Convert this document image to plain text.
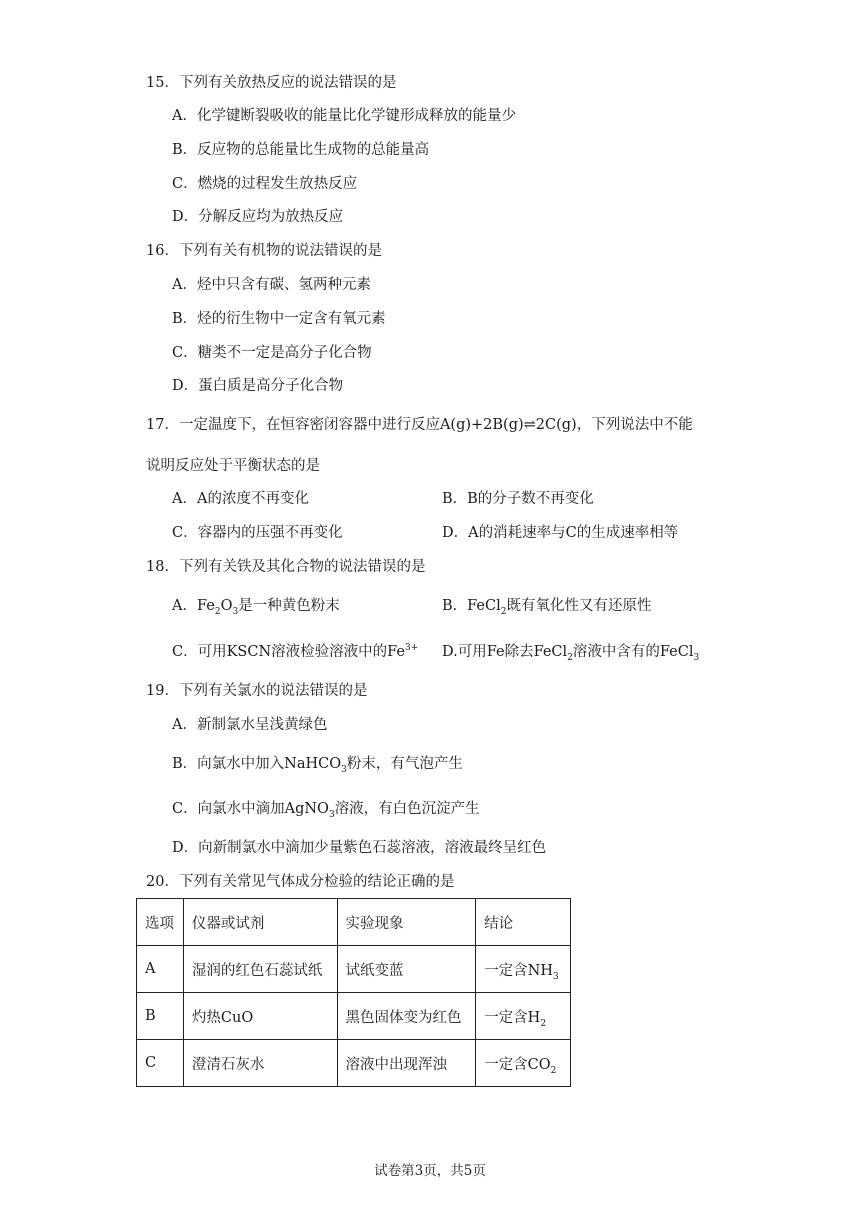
15．下列有关放热反应的说法错误的是
A．化学键断裂吸收的能量比化学键形成释放的能量少
B．反应物的总能量比生成物的总能量高
C．燃烧的过程发生放热反应
D．分解反应均为放热反应
16．下列有关有机物的说法错误的是
A．烃中只含有碳、氢两种元素
B．烃的衍生物中一定含有氧元素
C．糖类不一定是高分子化合物
D．蛋白质是高分子化合物
17．一定温度下，在恒容密闭容器中进行反应A(g)+2B(g)⇌2C(g)，下列说法中不能
说明反应处于平衡状态的是
A．A的浓度不再变化	B．B的分子数不再变化
C．容器内的压强不再变化	D．A的消耗速率与C的生成速率相等
18．下列有关铁及其化合物的说法错误的是
A．$Fe_2O_3$是一种黄色粉末	B．FeCl$_2$既有氧化性又有还原性
C．可用KSCN溶液检验溶液中的$Fe^{3+}$ D.可用Fe除去FeCl$_2$溶液中含有的FeCl$_3$
19．下列有关氯水的说法错误的是
A．新制氯水呈浅黄绿色
B．向氯水中加入NaHCO$_3$粉末，有气泡产生
C．向氯水中滴加AgNO$_3$溶液，有白色沉淀产生
D．向新制氯水中滴加少量紫色石蕊溶液，溶液最终呈红色
20．下列有关常见气体成分检验的结论正确的是
选项	仪器或试剂	实验现象	结论
A	湿润的红色石蕊试纸	试纸变蓝	一定含$NH_3$
B	灼热CuO	黑色固体变为红色	一定含$H_2$
C	澄清石灰水	溶液中出现浑浊	一定含$CO_2$
试卷第3页，共5页
